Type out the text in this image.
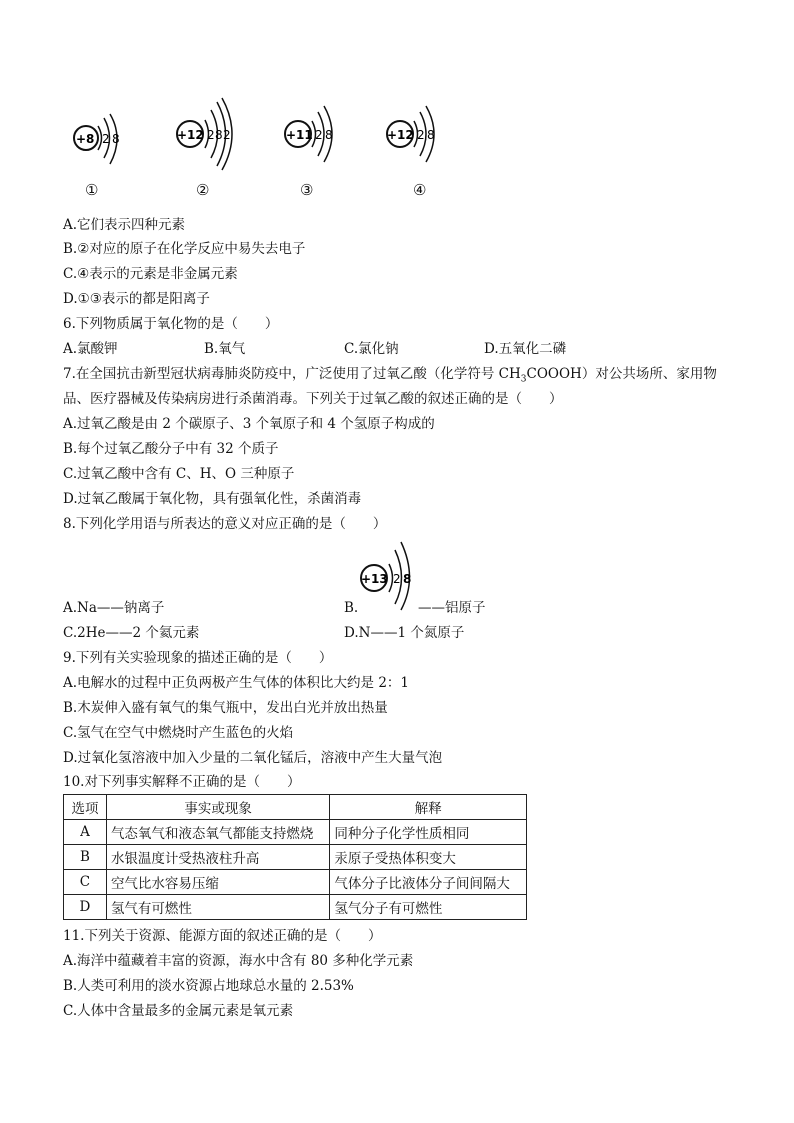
+8 2 8
①
+12 2 8 2
②
+11 2 8
③
+12 2 8
④
A.它们表示四种元素
B.②对应的原子在化学反应中易失去电子
C.④表示的元素是非金属元素
D.①③表示的都是阳离子
6.下列物质属于氧化物的是（　　）
A.氯酸钾	B.氧气	C.氯化钠	D.五氧化二磷
7.在全国抗击新型冠状病毒肺炎防疫中，广泛使用了过氧乙酸（化学符号 $CH_3COOOH$）对公共场所、家用物
品、医疗器械及传染病房进行杀菌消毒。下列关于过氧乙酸的叙述正确的是（　　）
A.过氧乙酸是由 2 个碳原子、3 个氧原子和 4 个氢原子构成的
B.每个过氧乙酸分子中有 32 个质子
C.过氧乙酸中含有 C、H、O 三种原子
D.过氧乙酸属于氧化物，具有强氧化性，杀菌消毒
8.下列化学用语与所表达的意义对应正确的是（　　）
+13 2 8
A.Na——钠离子	B.	——铝原子
C.2He——2 个氦元素	D.N——1 个氮原子
9.下列有关实验现象的描述正确的是（　　）
A.电解水的过程中正负两极产生气体的体积比大约是 2：1
B.木炭伸入盛有氧气的集气瓶中，发出白光并放出热量
C.氢气在空气中燃烧时产生蓝色的火焰
D.过氧化氢溶液中加入少量的二氧化锰后，溶液中产生大量气泡
10.对下列事实解释不正确的是（　　）
选项	事实或现象	解释
A	气态氧气和液态氧气都能支持燃烧	同种分子化学性质相同
B	水银温度计受热液柱升高	汞原子受热体积变大
C	空气比水容易压缩	气体分子比液体分子间间隔大
D	氢气有可燃性	氢气分子有可燃性
11.下列关于资源、能源方面的叙述正确的是（　　）
A.海洋中蕴藏着丰富的资源，海水中含有 80 多种化学元素
B.人类可利用的淡水资源占地球总水量的 2.53%
C.人体中含量最多的金属元素是氧元素
